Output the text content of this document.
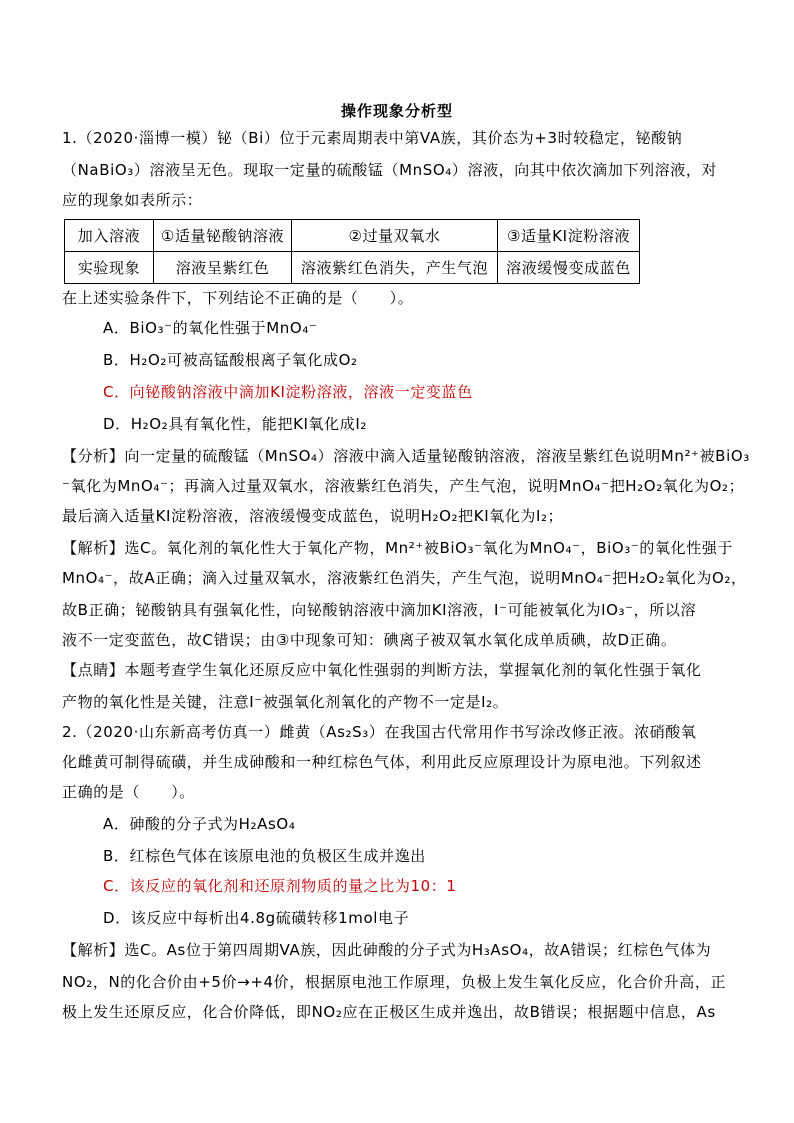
操作现象分析型
1.（2020·淄博一模）铋（Bi）位于元素周期表中第VA族，其价态为+3时较稳定，铋酸钠
（NaBiO₃）溶液呈无色。现取一定量的硫酸锰（MnSO₄）溶液，向其中依次滴加下列溶液，对
应的现象如表所示：
加入溶液	①适量铋酸钠溶液	②过量双氧水	③适量KI淀粉溶液
实验现象	溶液呈紫红色	溶液紫红色消失，产生气泡	溶液缓慢变成蓝色
在上述实验条件下，下列结论不正确的是（　　）。
A．BiO₃⁻的氧化性强于MnO₄⁻
B．H₂O₂可被高锰酸根离子氧化成O₂
C．向铋酸钠溶液中滴加KI淀粉溶液，溶液一定变蓝色
D．H₂O₂具有氧化性，能把KI氧化成I₂
【分析】向一定量的硫酸锰（MnSO₄）溶液中滴入适量铋酸钠溶液，溶液呈紫红色说明Mn²⁺被BiO₃
⁻氧化为MnO₄⁻；再滴入过量双氧水，溶液紫红色消失，产生气泡，说明MnO₄⁻把H₂O₂氧化为O₂；
最后滴入适量KI淀粉溶液，溶液缓慢变成蓝色，说明H₂O₂把KI氧化为I₂；
【解析】选C。氧化剂的氧化性大于氧化产物，Mn²⁺被BiO₃⁻氧化为MnO₄⁻，BiO₃⁻的氧化性强于
MnO₄⁻，故A正确；滴入过量双氧水，溶液紫红色消失，产生气泡，说明MnO₄⁻把H₂O₂氧化为O₂，
故B正确；铋酸钠具有强氧化性，向铋酸钠溶液中滴加KI溶液，I⁻可能被氧化为IO₃⁻，所以溶
液不一定变蓝色，故C错误；由③中现象可知：碘离子被双氧水氧化成单质碘，故D正确。
【点睛】本题考查学生氧化还原反应中氧化性强弱的判断方法，掌握氧化剂的氧化性强于氧化
产物的氧化性是关键，注意I⁻被强氧化剂氧化的产物不一定是I₂。
2.（2020·山东新高考仿真一）雌黄（As₂S₃）在我国古代常用作书写涂改修正液。浓硝酸氧
化雌黄可制得硫磺，并生成砷酸和一种红棕色气体，利用此反应原理设计为原电池。下列叙述
正确的是（　　）。
A．砷酸的分子式为H₂AsO₄
B．红棕色气体在该原电池的负极区生成并逸出
C．该反应的氧化剂和还原剂物质的量之比为10：1
D．该反应中每析出4.8g硫磺转移1mol电子
【解析】选C。As位于第四周期VA族，因此砷酸的分子式为H₃AsO₄，故A错误；红棕色气体为
NO₂，N的化合价由+5价→+4价，根据原电池工作原理，负极上发生氧化反应，化合价升高，正
极上发生还原反应，化合价降低，即NO₂应在正极区生成并逸出，故B错误；根据题中信息，As
